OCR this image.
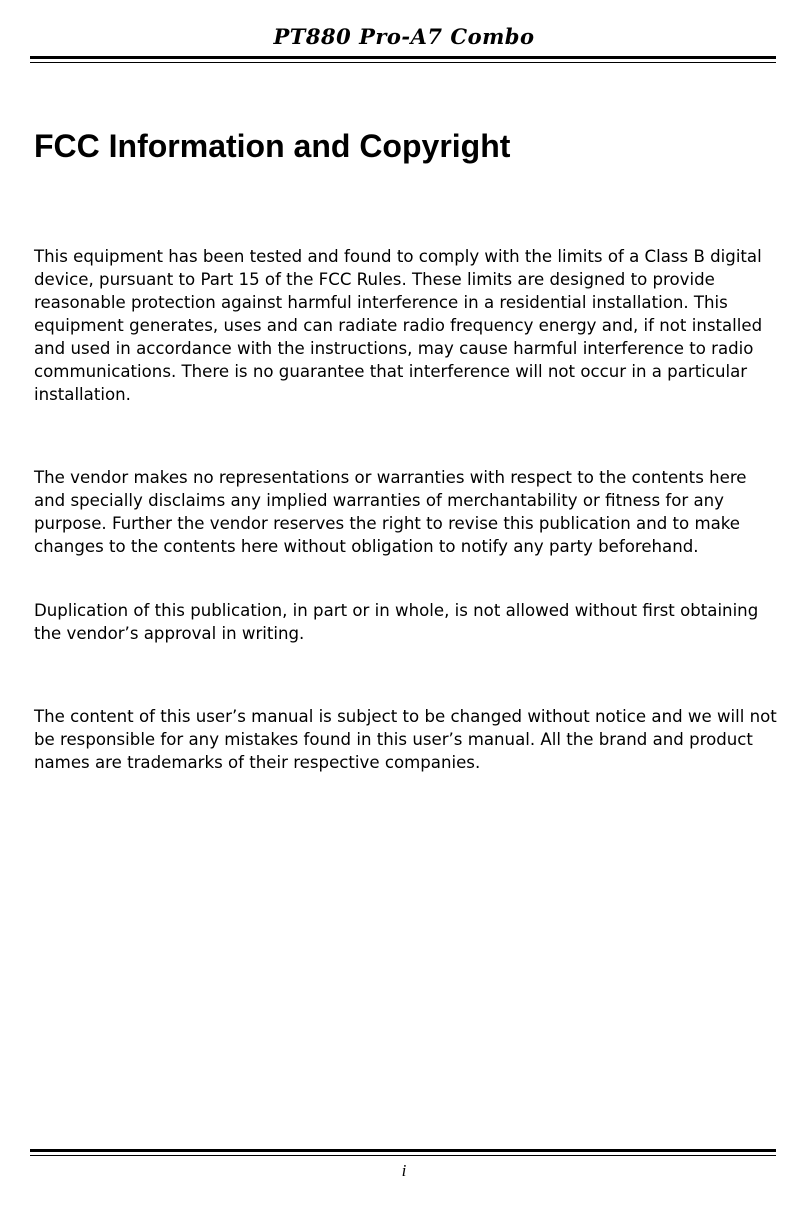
PT880 Pro-A7 Combo
FCC Information and Copyright

This equipment has been tested and found to comply with the limits of a Class B digital device, pursuant to Part 15 of the FCC Rules. These limits are designed to provide reasonable protection against harmful interference in a residential installation. This equipment generates, uses and can radiate radio frequency energy and, if not installed and used in accordance with the instructions, may cause harmful interference to radio communications. There is no guarantee that interference will not occur in a particular installation.

The vendor makes no representations or warranties with respect to the contents here and specially disclaims any implied warranties of merchantability or fitness for any purpose. Further the vendor reserves the right to revise this publication and to make changes to the contents here without obligation to notify any party beforehand.

Duplication of this publication, in part or in whole, is not allowed without first obtaining the vendor’s approval in writing.

The content of this user’s manual is subject to be changed without notice and we will not be responsible for any mistakes found in this user’s manual. All the brand and product names are trademarks of their respective companies.

i
